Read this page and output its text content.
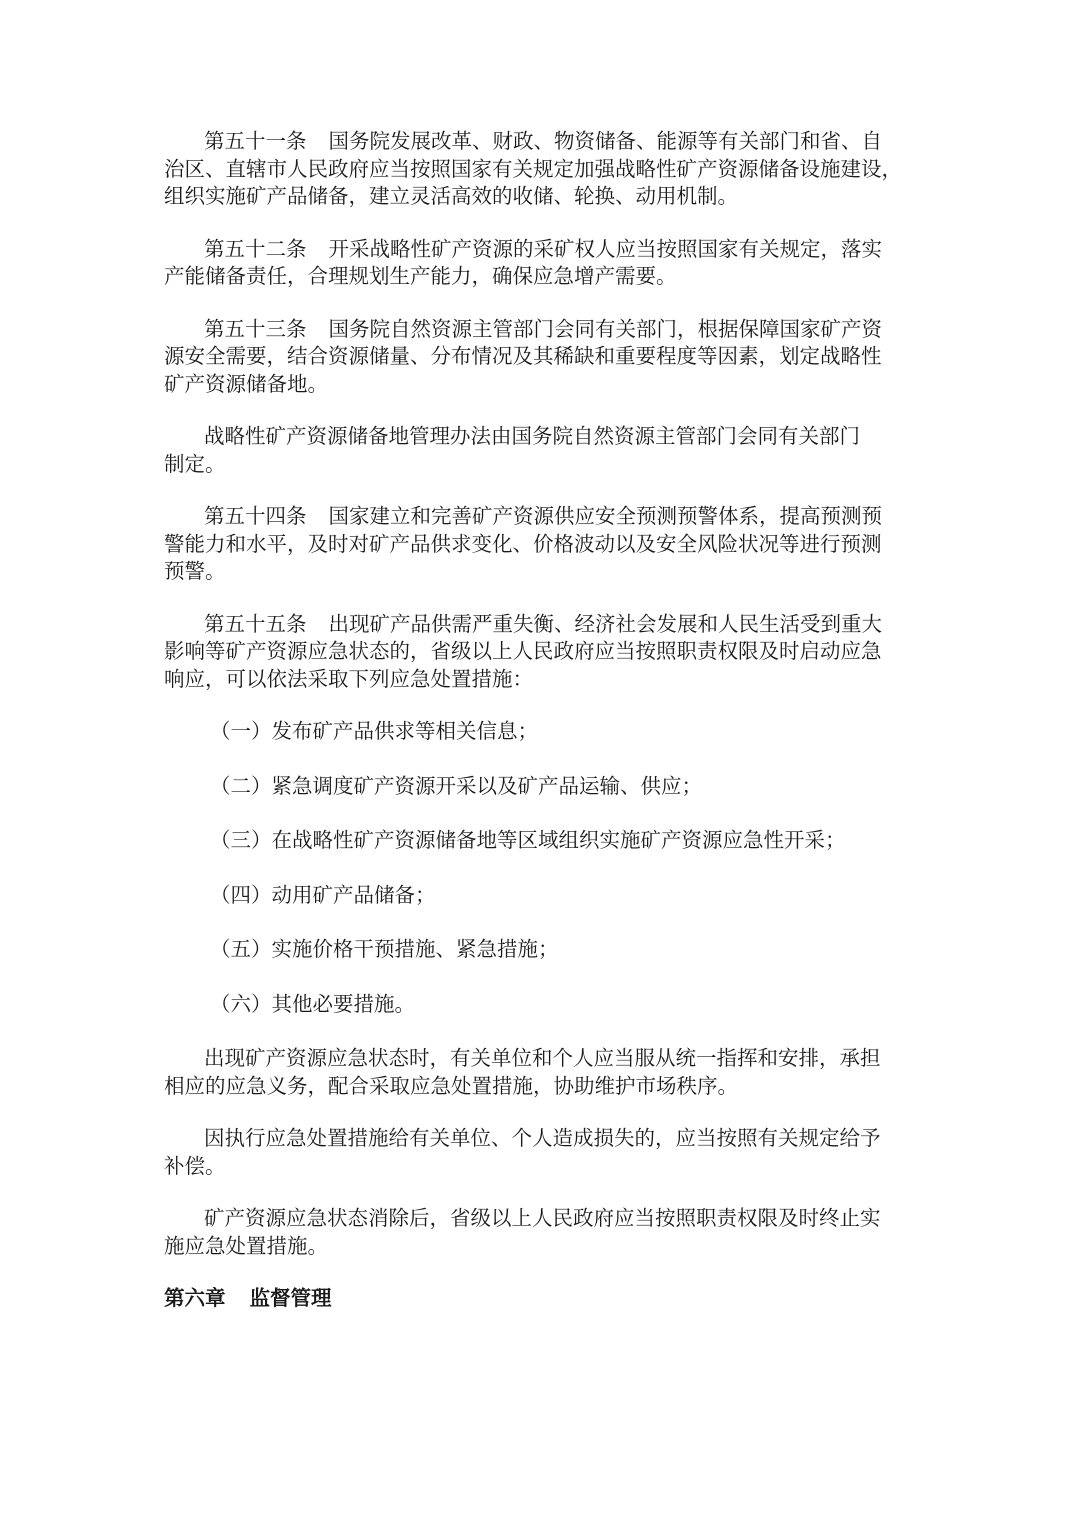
第五十一条 国务院发展改革、财政、物资储备、能源等有关部门和省、自
治区、直辖市人民政府应当按照国家有关规定加强战略性矿产资源储备设施建设，
组织实施矿产品储备，建立灵活高效的收储、轮换、动用机制。

第五十二条 开采战略性矿产资源的采矿权人应当按照国家有关规定，落实
产能储备责任，合理规划生产能力，确保应急增产需要。

第五十三条 国务院自然资源主管部门会同有关部门，根据保障国家矿产资
源安全需要，结合资源储量、分布情况及其稀缺和重要程度等因素，划定战略性
矿产资源储备地。

战略性矿产资源储备地管理办法由国务院自然资源主管部门会同有关部门
制定。

第五十四条 国家建立和完善矿产资源供应安全预测预警体系，提高预测预
警能力和水平，及时对矿产品供求变化、价格波动以及安全风险状况等进行预测
预警。

第五十五条 出现矿产品供需严重失衡、经济社会发展和人民生活受到重大
影响等矿产资源应急状态的，省级以上人民政府应当按照职责权限及时启动应急
响应，可以依法采取下列应急处置措施：

（一）发布矿产品供求等相关信息；
（二）紧急调度矿产资源开采以及矿产品运输、供应；
（三）在战略性矿产资源储备地等区域组织实施矿产资源应急性开采；
（四）动用矿产品储备；
（五）实施价格干预措施、紧急措施；
（六）其他必要措施。

出现矿产资源应急状态时，有关单位和个人应当服从统一指挥和安排，承担
相应的应急义务，配合采取应急处置措施，协助维护市场秩序。

因执行应急处置措施给有关单位、个人造成损失的，应当按照有关规定给予
补偿。

矿产资源应急状态消除后，省级以上人民政府应当按照职责权限及时终止实
施应急处置措施。

第六章 监督管理
